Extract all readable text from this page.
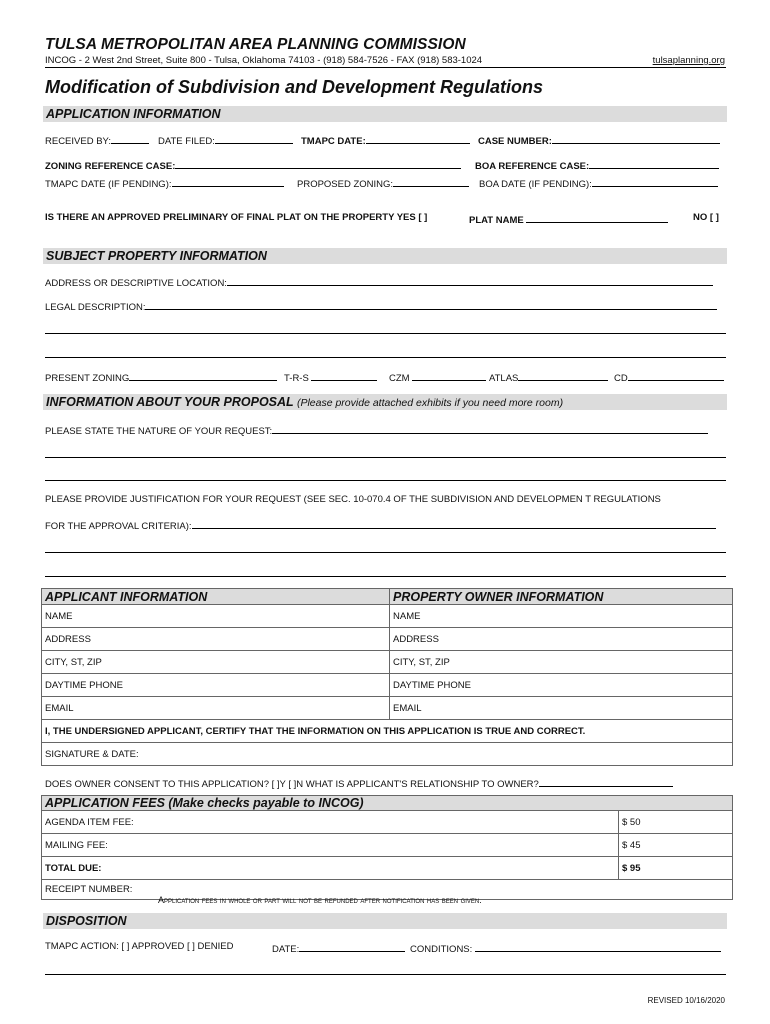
TULSA METROPOLITAN AREA PLANNING COMMISSION
INCOG - 2 West 2nd Street, Suite 800 - Tulsa, Oklahoma 74103 - (918) 584-7526 - FAX (918) 583-1024	tulsaplanning.org
Modification of Subdivision and Development Regulations
APPLICATION INFORMATION
RECEIVED BY:	DATE FILED:	TMAPC DATE:	CASE NUMBER:
ZONING REFERENCE CASE:	BOA REFERENCE CASE:
TMAPC DATE (IF PENDING):	PROPOSED ZONING:	BOA DATE (IF PENDING):
IS THERE AN APPROVED PRELIMINARY OF FINAL PLAT ON THE PROPERTY YES [ ]	PLAT NAME	NO [ ]
SUBJECT PROPERTY INFORMATION
ADDRESS OR DESCRIPTIVE LOCATION:
LEGAL DESCRIPTION:
PRESENT ZONING	T-R-S	CZM	ATLAS	CD
INFORMATION ABOUT YOUR PROPOSAL (Please provide attached exhibits if you need more room)
PLEASE STATE THE NATURE OF YOUR REQUEST:
PLEASE PROVIDE JUSTIFICATION FOR YOUR REQUEST (SEE SEC. 10-070.4 OF THE SUBDIVISION AND DEVELOPMEN T REGULATIONS
FOR THE APPROVAL CRITERIA):
APPLICANT INFORMATION	PROPERTY OWNER INFORMATION
NAME	NAME
ADDRESS	ADDRESS
CITY, ST, ZIP	CITY, ST, ZIP
DAYTIME PHONE	DAYTIME PHONE
EMAIL	EMAIL
I, THE UNDERSIGNED APPLICANT, CERTIFY THAT THE INFORMATION ON THIS APPLICATION IS TRUE AND CORRECT.	
SIGNATURE & DATE:	
DOES OWNER CONSENT TO THIS APPLICATION? [ ]Y [ ]N WHAT IS APPLICANT'S RELATIONSHIP TO OWNER?
APPLICATION FEES (Make checks payable to INCOG)	
AGENDA ITEM FEE:	$ 50
MAILING FEE:	$ 45
TOTAL DUE:	$ 95
RECEIPT NUMBER:	
Application fees in whole or part will not be refunded after notification has been given.
DISPOSITION
TMAPC ACTION: [ ] APPROVED [ ] DENIED	DATE:	CONDITIONS:
REVISED 10/16/2020
